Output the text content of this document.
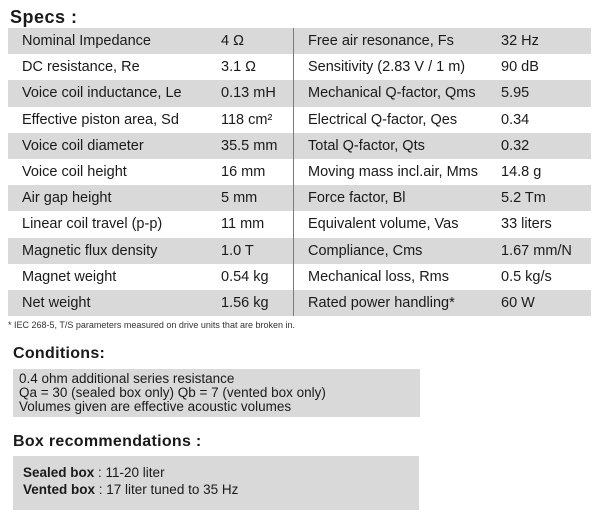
Specs :
Nominal Impedance	4 Ω	Free air resonance, Fs	32 Hz
DC resistance, Re	3.1 Ω	Sensitivity (2.83 V / 1 m) 90 dB
Voice coil inductance, Le	0.13 mH Mechanical Q-factor, Qms 5.95
Effective piston area, Sd	118 cm² Electrical Q-factor, Qes	0.34
Voice coil diameter	35.5 mm Total Q-factor, Qts	0.32
Voice coil height	16 mm	Moving mass incl.air, Mms 14.8 g
Air gap height	5 mm	Force factor, Bl	5.2 Tm
Linear coil travel (p-p)	11 mm	Equivalent volume, Vas	33 liters
Magnetic flux density	1.0 T	Compliance, Cms	1.67 mm/N
Magnet weight	0.54 kg	Mechanical loss, Rms	0.5 kg/s
Net weight	1.56 kg	Rated power handling*	60 W
* IEC 268-5, T/S parameters measured on drive units that are broken in.
Conditions:
0.4 ohm additional series resistance
Qa = 30 (sealed box only) Qb = 7 (vented box only)
Volumes given are effective acoustic volumes
Box recommendations :
Sealed box : 11-20 liter
Vented box : 17 liter tuned to 35 Hz
